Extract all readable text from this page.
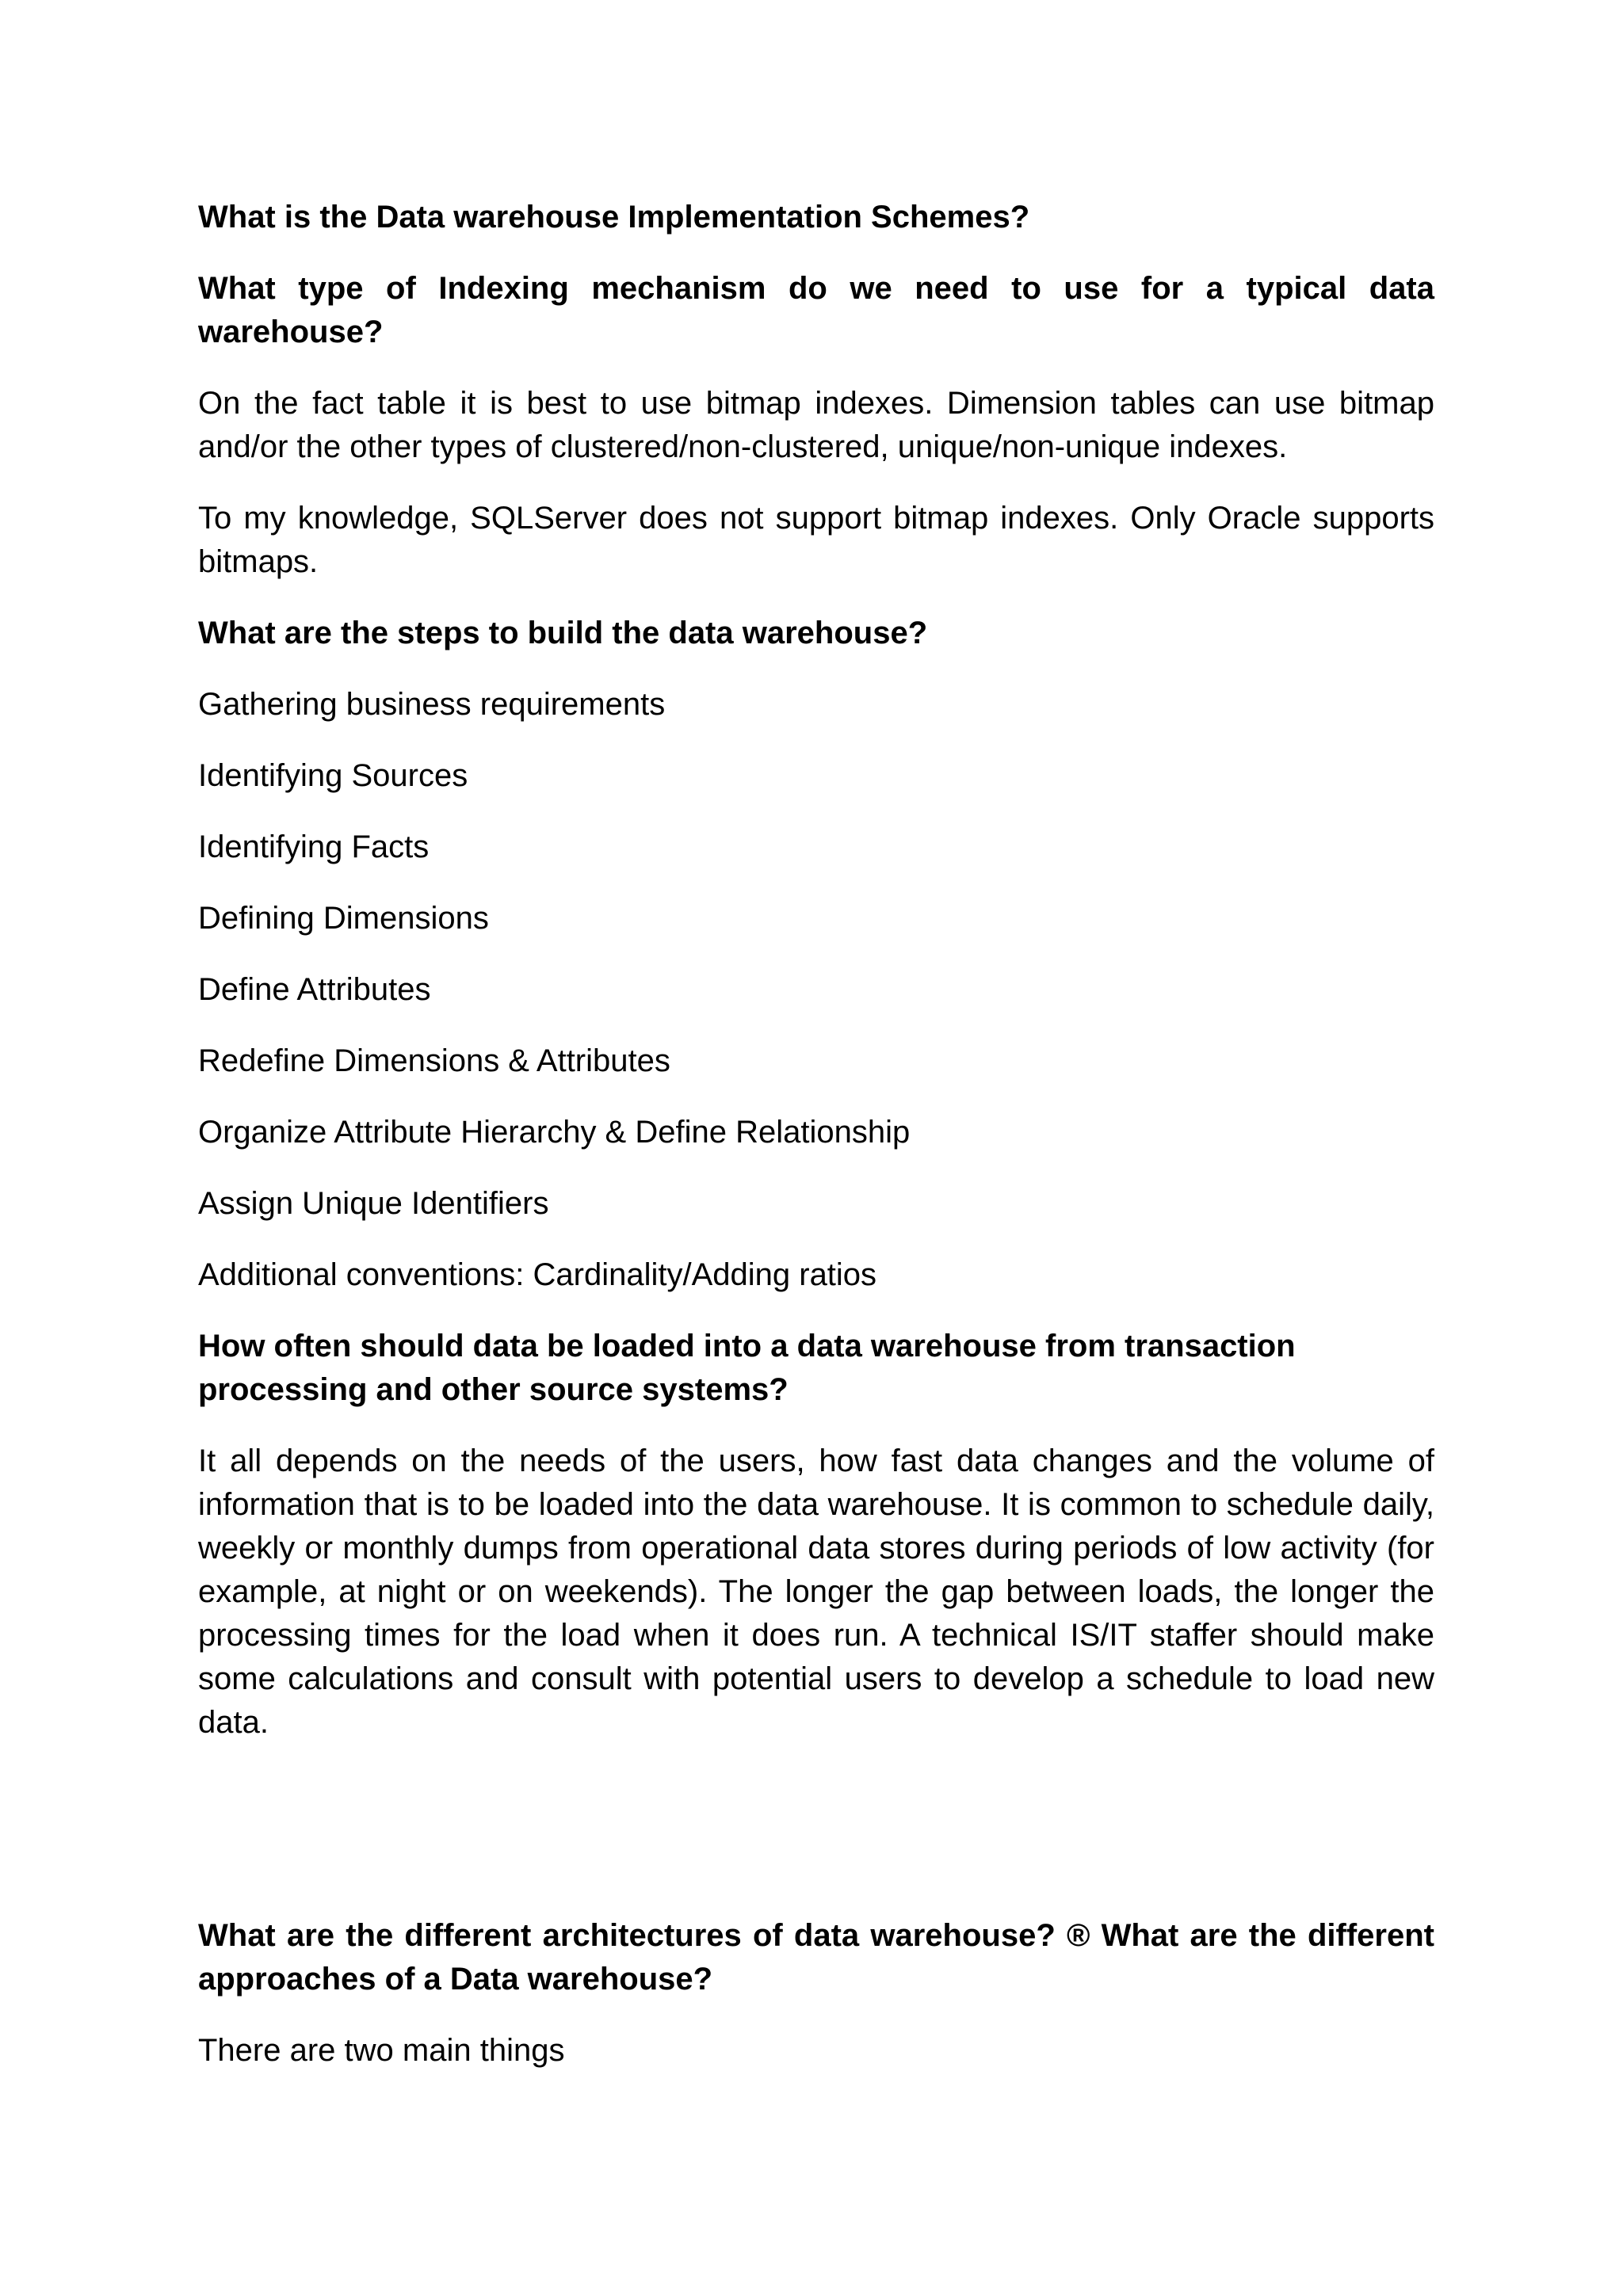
What is the Data warehouse Implementation Schemes?

What type of Indexing mechanism do we need to use for a typical data warehouse?

On the fact table it is best to use bitmap indexes. Dimension tables can use bitmap and/or the other types of clustered/non-clustered, unique/non-unique indexes.

To my knowledge, SQLServer does not support bitmap indexes. Only Oracle supports bitmaps.

What are the steps to build the data warehouse?

Gathering business requirements

Identifying Sources

Identifying Facts

Defining Dimensions

Define Attributes

Redefine Dimensions & Attributes

Organize Attribute Hierarchy & Define Relationship

Assign Unique Identifiers

Additional conventions: Cardinality/Adding ratios

How often should data be loaded into a data warehouse from transaction processing and other source systems?

It all depends on the needs of the users, how fast data changes and the volume of information that is to be loaded into the data warehouse. It is common to schedule daily, weekly or monthly dumps from operational data stores during periods of low activity (for example, at night or on weekends). The longer the gap between loads, the longer the processing times for the load when it does run. A technical IS/IT staffer should make some calculations and consult with potential users to develop a schedule to load new data.

What are the different architectures of data warehouse? ® What are the different approaches of a Data warehouse?

There are two main things
